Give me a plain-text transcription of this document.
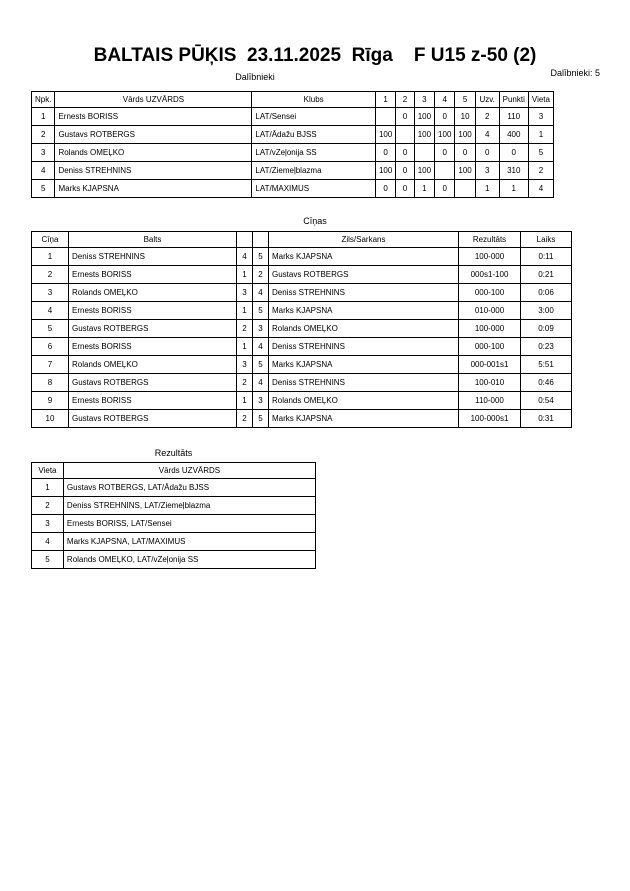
BALTAIS PŪĶIS  23.11.2025  Rīga    F U15 z-50 (2)
Dalībnieki	Dalībnieki: 5
Npk.	Vārds UZVĀRDS	Klubs	1	2	3	4	5	Uzv.	Punkti	Vieta
1	Ernests BORISS	LAT/Sensei		0	100	0	10	2	110	3
2	Gustavs ROTBERGS	LAT/Ādažu BJSS	100		100	100	100	4	400	1
3	Rolands OMEĻKO	LAT/vZeļonija SS	0	0		0	0	0	0	5
4	Deniss STREHNINS	LAT/Ziemeļblazma	100	0	100		100	3	310	2
5	Marks KJAPSNA	LAT/MAXIMUS	0	0	1	0		1	1	4
Cīņas
Cīņa	Balts			Zils/Sarkans	Rezultāts	Laiks
1	Deniss STREHNINS	4	5	Marks KJAPSNA	100-000	0:11
2	Ernests BORISS	1	2	Gustavs ROTBERGS	000s1-100	0:21
3	Rolands OMEĻKO	3	4	Deniss STREHNINS	000-100	0:06
4	Ernests BORISS	1	5	Marks KJAPSNA	010-000	3:00
5	Gustavs ROTBERGS	2	3	Rolands OMEĻKO	100-000	0:09
6	Ernests BORISS	1	4	Deniss STREHNINS	000-100	0:23
7	Rolands OMEĻKO	3	5	Marks KJAPSNA	000-001s1	5:51
8	Gustavs ROTBERGS	2	4	Deniss STREHNINS	100-010	0:46
9	Ernests BORISS	1	3	Rolands OMEĻKO	110-000	0:54
10	Gustavs ROTBERGS	2	5	Marks KJAPSNA	100-000s1	0:31
Rezultāts
Vieta	Vārds UZVĀRDS
1	Gustavs ROTBERGS, LAT/Ādažu BJSS
2	Deniss STREHNINS, LAT/Ziemeļblazma
3	Ernests BORISS, LAT/Sensei
4	Marks KJAPSNA, LAT/MAXIMUS
5	Rolands OMEĻKO, LAT/vZeļonija SS
